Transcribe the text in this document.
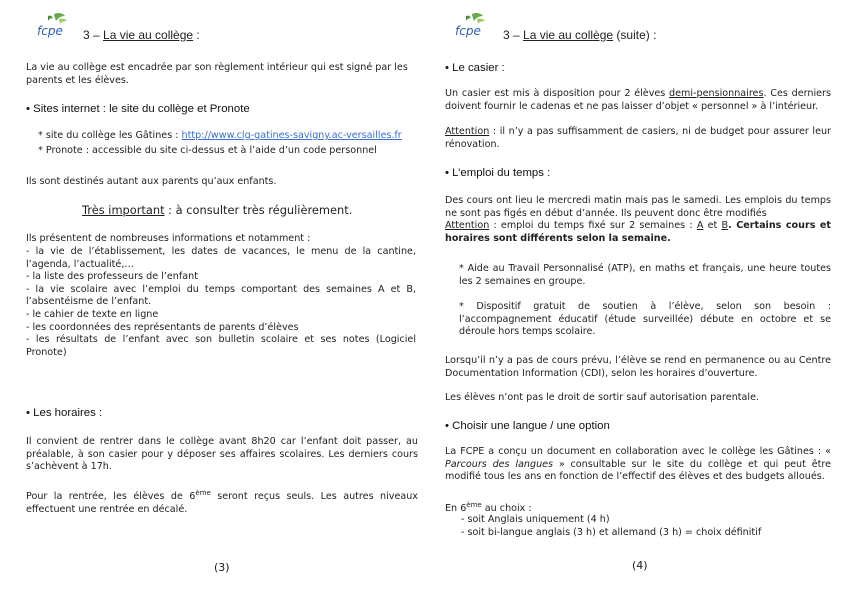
fcpe 3 – La vie au collège :
La vie au collège est encadrée par son règlement intérieur qui est signé par les parents et les élèves.
• Sites internet : le site du collège et Pronote
* site du collège les Gâtines : http://www.clg-gatines-savigny.ac-versailles.fr
* Pronote : accessible du site ci-dessus et à l’aide d’un code personnel
Ils sont destinés autant aux parents qu’aux enfants.
Très important : à consulter très régulièrement.
Ils présentent de nombreuses informations et notamment :
- la vie de l’établissement, les dates de vacances, le menu de la cantine, l’agenda, l’actualité,…
- la liste des professeurs de l’enfant
- la vie scolaire avec l’emploi du temps comportant des semaines A et B, l’absentéisme de l’enfant.
- le cahier de texte en ligne
- les coordonnées des représentants de parents d’élèves
- les résultats de l’enfant avec son bulletin scolaire et ses notes (Logiciel Pronote)
• Les horaires :
Il convient de rentrer dans le collège avant 8h20 car l’enfant doit passer, au préalable, à son casier pour y déposer ses affaires scolaires. Les derniers cours s’achèvent à 17h.
Pour la rentrée, les élèves de 6ème seront reçus seuls. Les autres niveaux effectuent une rentrée en décalé.
(3)
fcpe 3 – La vie au collège (suite) :
• Le casier :
Un casier est mis à disposition pour 2 élèves demi-pensionnaires. Ces derniers doivent fournir le cadenas et ne pas laisser d’objet « personnel » à l’intérieur.
Attention : il n’y a pas suffisamment de casiers, ni de budget pour assurer leur rénovation.
• L’emploi du temps :
Des cours ont lieu le mercredi matin mais pas le samedi. Les emplois du temps ne sont pas figés en début d’année. Ils peuvent donc être modifiés
Attention : emploi du temps fixé sur 2 semaines : A et B. Certains cours et horaires sont différents selon la semaine.
* Aide au Travail Personnalisé (ATP), en maths et français, une heure toutes les 2 semaines en groupe.
* Dispositif gratuit de soutien à l’élève, selon son besoin : l’accompagnement éducatif (étude surveillée) débute en octobre et se déroule hors temps scolaire.
Lorsqu’il n’y a pas de cours prévu, l’élève se rend en permanence ou au Centre Documentation Information (CDI), selon les horaires d’ouverture.
Les élèves n’ont pas le droit de sortir sauf autorisation parentale.
• Choisir une langue / une option
La FCPE a conçu un document en collaboration avec le collège les Gâtines : « Parcours des langues » consultable sur le site du collège et qui peut être modifié tous les ans en fonction de l’effectif des élèves et des budgets alloués.
En 6ème au choix :
- soit Anglais uniquement (4 h)
- soit bi-langue anglais (3 h) et allemand (3 h) = choix définitif
(4)
